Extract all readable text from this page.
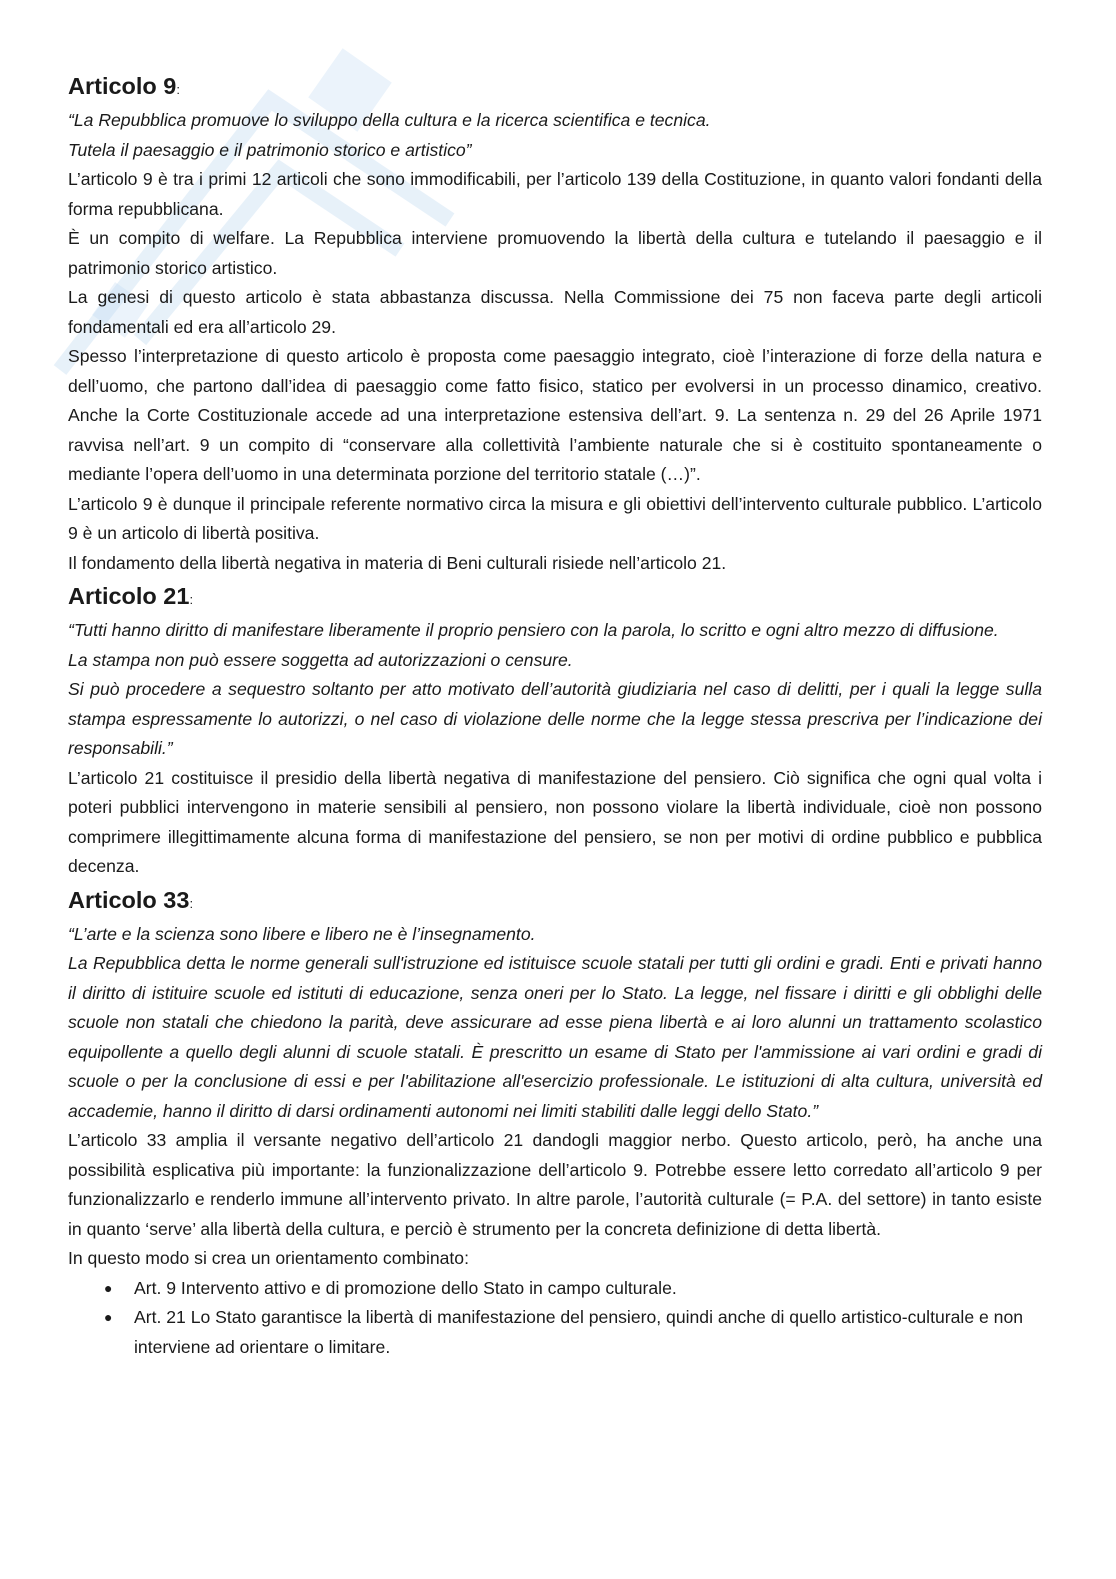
Articolo 9:

“La Repubblica promuove lo sviluppo della cultura e la ricerca scientifica e tecnica.

Tutela il paesaggio e il patrimonio storico e artistico”

L’articolo 9 è tra i primi 12 articoli che sono immodificabili, per l’articolo 139 della Costituzione, in quanto valori fondanti della forma repubblicana.

È un compito di welfare. La Repubblica interviene promuovendo la libertà della cultura e tutelando il paesaggio e il patrimonio storico artistico.

La genesi di questo articolo è stata abbastanza discussa. Nella Commissione dei 75 non faceva parte degli articoli fondamentali ed era all’articolo 29.

Spesso l’interpretazione di questo articolo è proposta come paesaggio integrato, cioè l’interazione di forze della natura e dell’uomo, che partono dall’idea di paesaggio come fatto fisico, statico per evolversi in un processo dinamico, creativo. Anche la Corte Costituzionale accede ad una interpretazione estensiva dell’art. 9. La sentenza n. 29 del 26 Aprile 1971 ravvisa nell’art. 9 un compito di “conservare alla collettività l’ambiente naturale che si è costituito spontaneamente o mediante l’opera dell’uomo in una determinata porzione del territorio statale (…)”.

L’articolo 9 è dunque il principale referente normativo circa la misura e gli obiettivi dell’intervento culturale pubblico. L’articolo 9 è un articolo di libertà positiva.

Il fondamento della libertà negativa in materia di Beni culturali risiede nell’articolo 21.

Articolo 21:

“Tutti hanno diritto di manifestare liberamente il proprio pensiero con la parola, lo scritto e ogni altro mezzo di diffusione.

La stampa non può essere soggetta ad autorizzazioni o censure.

Si può procedere a sequestro soltanto per atto motivato dell’autorità giudiziaria nel caso di delitti, per i quali la legge sulla stampa espressamente lo autorizzi, o nel caso di violazione delle norme che la legge stessa prescriva per l’indicazione dei responsabili.”

L’articolo 21 costituisce il presidio della libertà negativa di manifestazione del pensiero. Ciò significa che ogni qual volta i poteri pubblici intervengono in materie sensibili al pensiero, non possono violare la libertà individuale, cioè non possono comprimere illegittimamente alcuna forma di manifestazione del pensiero, se non per motivi di ordine pubblico e pubblica decenza.

Articolo 33:

“L’arte e la scienza sono libere e libero ne è l’insegnamento.

La Repubblica detta le norme generali sull'istruzione ed istituisce scuole statali per tutti gli ordini e gradi. Enti e privati hanno il diritto di istituire scuole ed istituti di educazione, senza oneri per lo Stato. La legge, nel fissare i diritti e gli obblighi delle scuole non statali che chiedono la parità, deve assicurare ad esse piena libertà e ai loro alunni un trattamento scolastico equipollente a quello degli alunni di scuole statali. È prescritto un esame di Stato per l'ammissione ai vari ordini e gradi di scuole o per la conclusione di essi e per l'abilitazione all'esercizio professionale. Le istituzioni di alta cultura, università ed accademie, hanno il diritto di darsi ordinamenti autonomi nei limiti stabiliti dalle leggi dello Stato.”

L’articolo 33 amplia il versante negativo dell’articolo 21 dandogli maggior nerbo. Questo articolo, però, ha anche una possibilità esplicativa più importante: la funzionalizzazione dell’articolo 9. Potrebbe essere letto corredato all’articolo 9 per funzionalizzarlo e renderlo immune all’intervento privato. In altre parole, l’autorità culturale (= P.A. del settore) in tanto esiste in quanto ‘serve’ alla libertà della cultura, e perciò è strumento per la concreta definizione di detta libertà.

In questo modo si crea un orientamento combinato:

● Art. 9 Intervento attivo e di promozione dello Stato in campo culturale.
● Art. 21 Lo Stato garantisce la libertà di manifestazione del pensiero, quindi anche di quello artistico-culturale e non interviene ad orientare o limitare.
